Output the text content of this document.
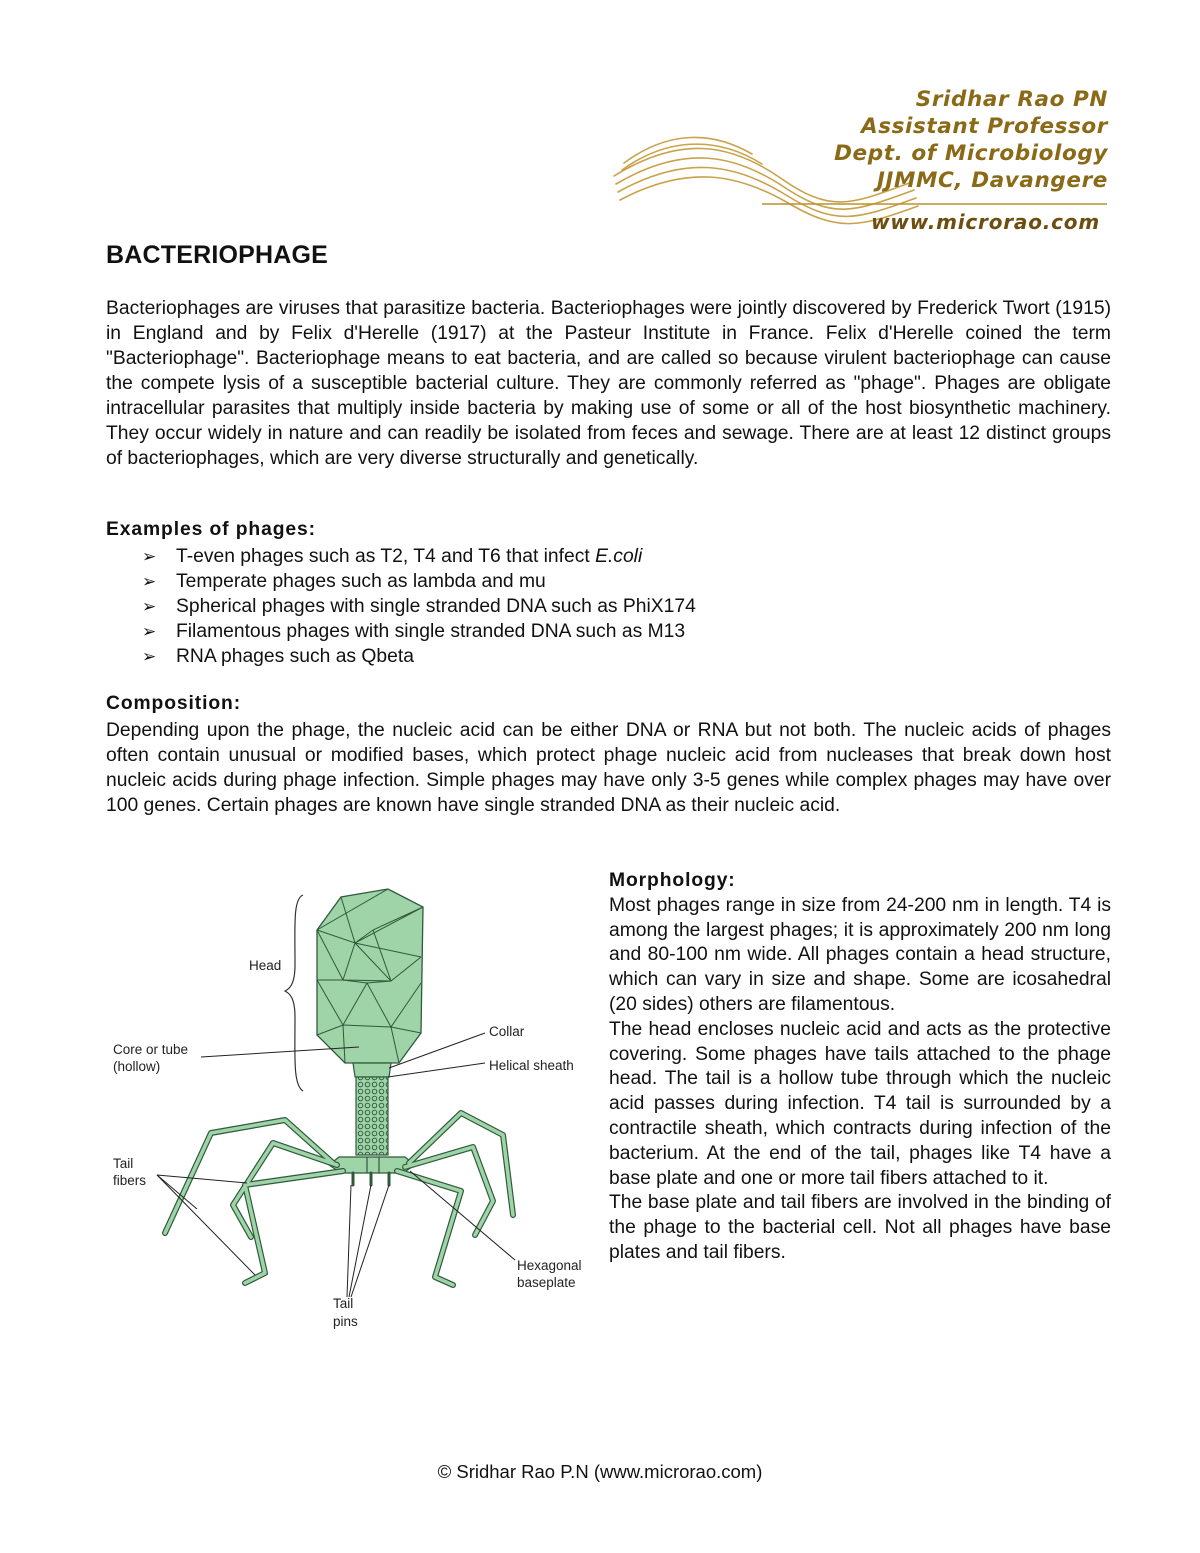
Sridhar Rao PN
Assistant Professor
Dept. of Microbiology
JJMMC, Davangere
www.microrao.com
BACTERIOPHAGE
Bacteriophages are viruses that parasitize bacteria. Bacteriophages were jointly discovered by Frederick Twort (1915) in England and by Felix d'Herelle (1917) at the Pasteur Institute in France. Felix d'Herelle coined the term "Bacteriophage". Bacteriophage means to eat bacteria, and are called so because virulent bacteriophage can cause the compete lysis of a susceptible bacterial culture. They are commonly referred as "phage". Phages are obligate intracellular parasites that multiply inside bacteria by making use of some or all of the host biosynthetic machinery. They occur widely in nature and can readily be isolated from feces and sewage. There are at least 12 distinct groups of bacteriophages, which are very diverse structurally and genetically.
Examples of phages:
➢ T-even phages such as T2, T4 and T6 that infect E.coli
➢ Temperate phages such as lambda and mu
➢ Spherical phages with single stranded DNA such as PhiX174
➢ Filamentous phages with single stranded DNA such as M13
➢ RNA phages such as Qbeta
Composition:
Depending upon the phage, the nucleic acid can be either DNA or RNA but not both. The nucleic acids of phages often contain unusual or modified bases, which protect phage nucleic acid from nucleases that break down host nucleic acids during phage infection. Simple phages may have only 3-5 genes while complex phages may have over 100 genes. Certain phages are known have single stranded DNA as their nucleic acid.
Head
Collar
Core or tube
(hollow)	Helical sheath
Tail
fibers
Hexagonal
baseplate
Tail
pins
Morphology:

Most phages range in size from 24-200 nm in length. T4 is among the largest phages; it is approximately 200 nm long and 80-100 nm wide. All phages contain a head structure, which can vary in size and shape. Some are icosahedral (20 sides) others are filamentous.

The head encloses nucleic acid and acts as the protective covering. Some phages have tails attached to the phage head. The tail is a hollow tube through which the nucleic acid passes during infection. T4 tail is surrounded by a contractile sheath, which contracts during infection of the bacterium. At the end of the tail, phages like T4 have a base plate and one or more tail fibers attached to it.

The base plate and tail fibers are involved in the binding of the phage to the bacterial cell. Not all phages have base plates and tail fibers.

© Sridhar Rao P.N (www.microrao.com)
